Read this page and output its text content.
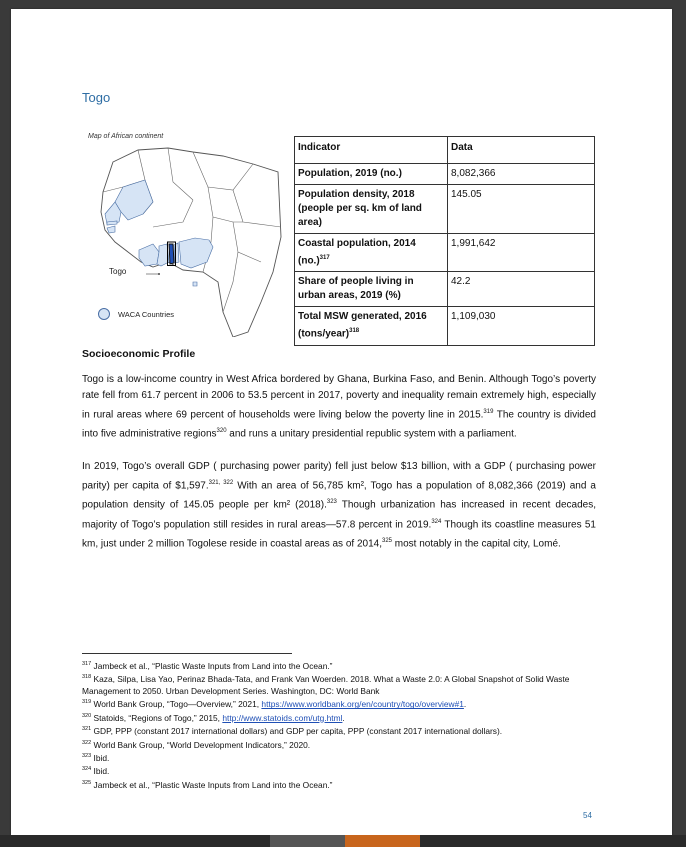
Togo
Map of African continent
Togo
WACA Countries
Indicator	Data
Population, 2019 (no.)	8,082,366
Population density, 2018 (people per sq. km of land area)	145.05
Coastal population, 2014 $(no.)^{317}$	1,991,642
Share of people living in urban areas, 2019 (%)	42.2
Total MSW generated, 2016 (tons/year)$^{318}$	1,109,030
Socioeconomic Profile
Togo is a low-income country in West Africa bordered by Ghana, Burkina Faso, and Benin. Although Togo’s poverty rate fell from 61.7 percent in 2006 to 53.5 percent in 2017, poverty and inequality remain extremely high, especially in rural areas where 69 percent of households were living below the poverty line in 2015.$^{319}$ The country is divided into five administrative regions$^{320}$ and runs a unitary presidential republic system with a parliament.
In 2019, Togo’s overall GDP ( purchasing power parity) fell just below $13 billion, with a GDP ( purchasing power parity) per capita of $1,597.$^{321, 322}$ With an area of 56,785 km², Togo has a population of 8,082,366 (2019) and a population density of 145.05 people per km² (2018).$^{323}$ Though urbanization has increased in recent decades, majority of Togo’s population still resides in rural areas—57.8 percent in 2019.$^{324}$ Though its coastline measures 51 km, just under 2 million Togolese reside in coastal areas as of 2014,$^{325}$ most notably in the capital city, Lomé.
$^{317}$ Jambeck et al., “Plastic Waste Inputs from Land into the Ocean.”
$^{318}$ Kaza, Silpa, Lisa Yao, Perinaz Bhada-Tata, and Frank Van Woerden. 2018. What a Waste 2.0: A Global Snapshot of Solid Waste Management to 2050. Urban Development Series. Washington, DC: World Bank
$^{319}$ World Bank Group, “Togo—Overview,” 2021, https://www.worldbank.org/en/country/togo/overview#1.
$^{320}$ Statoids, “Regions of Togo,” 2015, http://www.statoids.com/utg.html.
$^{321}$ GDP, PPP (constant 2017 international dollars) and GDP per capita, PPP (constant 2017 international dollars).
$^{322}$ World Bank Group, “World Development Indicators,” 2020.
$^{323}$ Ibid.
$^{324}$ Ibid.
$^{325}$ Jambeck et al., “Plastic Waste Inputs from Land into the Ocean.”
54
